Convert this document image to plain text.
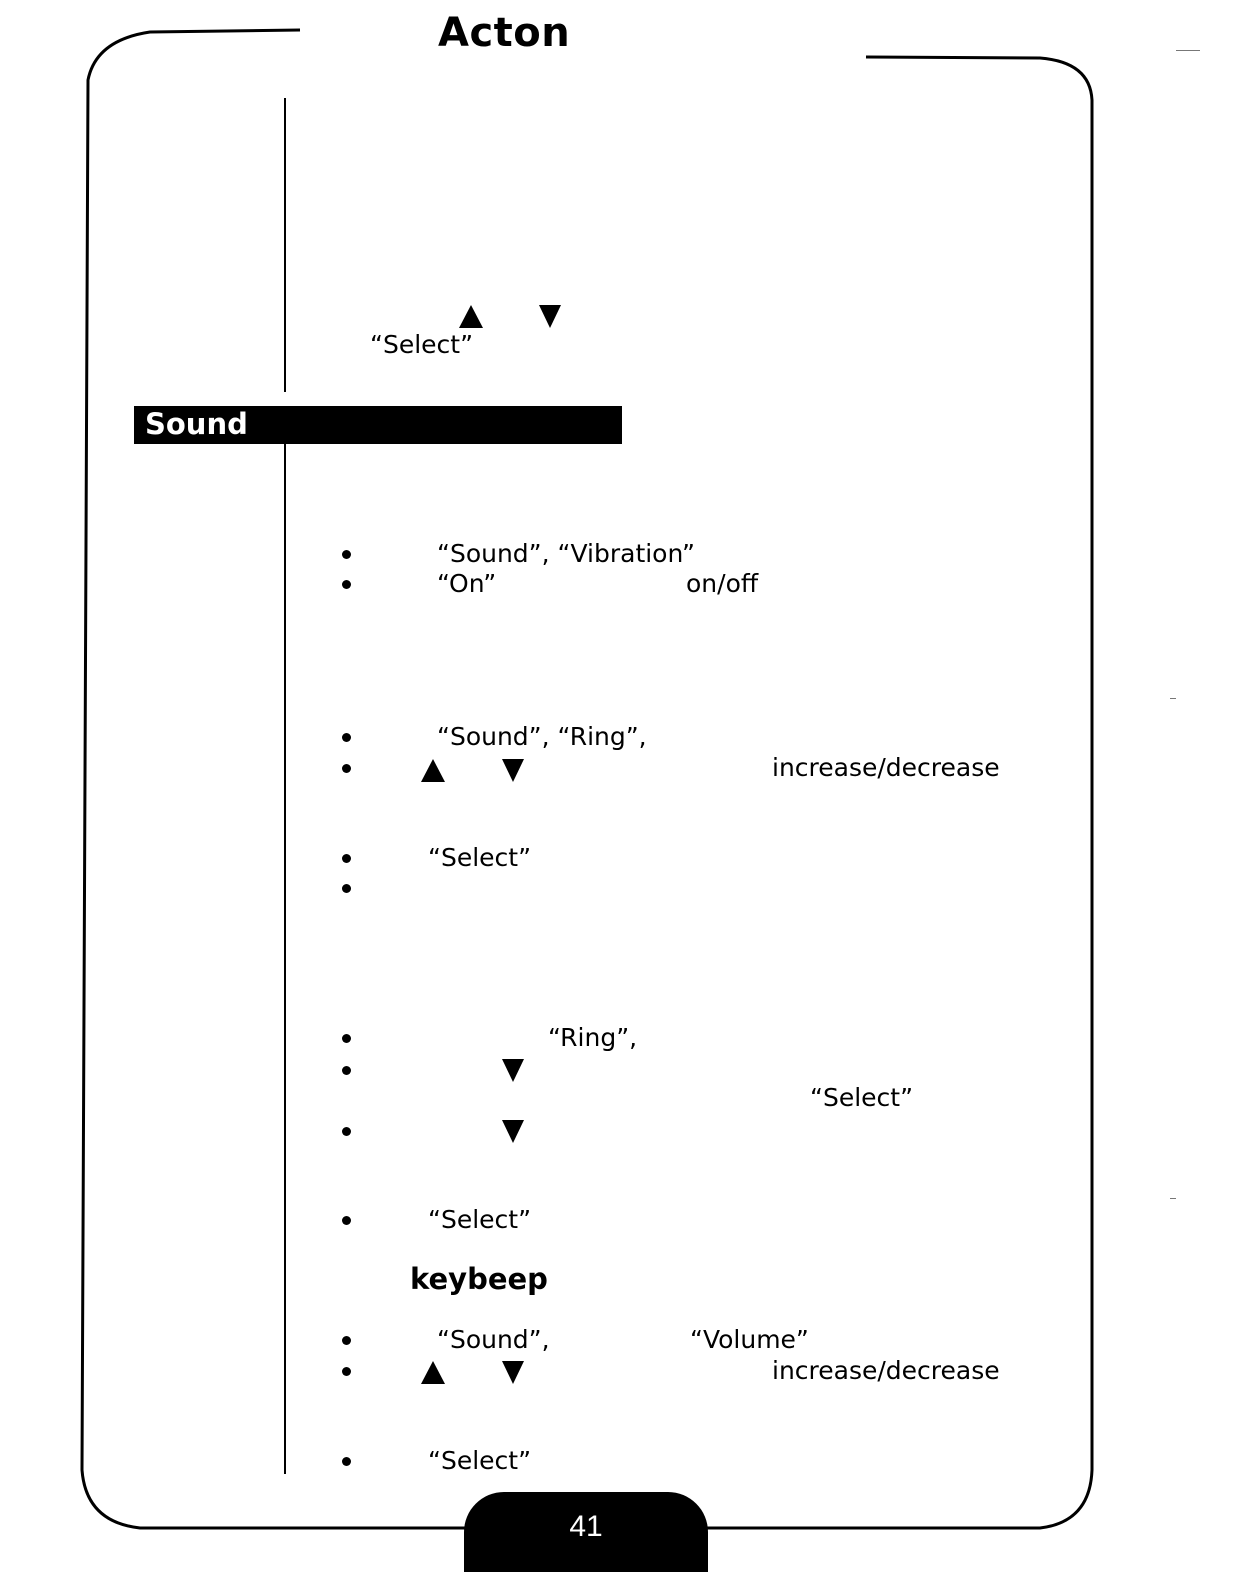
Acton
“Select”
Sound
“Sound”, “Vibration”
“On”	on/off
“Sound”, “Ring”,
increase/decrease
“Select”
“Ring”,
“Select”
“Select”
keybeep
“Sound”,	“Volume”
increase/decrease
“Select”
41
